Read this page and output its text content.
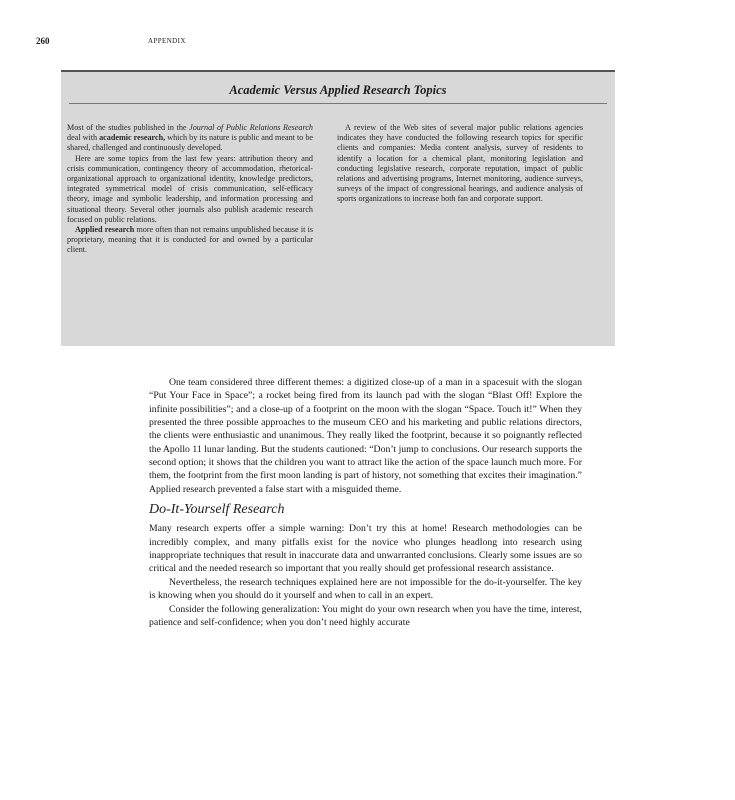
260	APPENDIX
Academic Versus Applied Research Topics

Most of the studies published in the Journal of Public Relations Research deal with academic research, which by its nature is public and meant to be shared, challenged and continuously developed.

Here are some topics from the last few years: attribution theory and crisis communication, contingency theory of accommodation, rhetorical-organizational approach to organizational identity, knowledge predictors, integrated symmetrical model of crisis communication, self-efficacy theory, image and symbolic leadership, and information processing and situational theory. Several other journals also publish academic research focused on public relations.

Applied research more often than not remains unpublished because it is proprietary, meaning that it is conducted for and owned by a particular client.

A review of the Web sites of several major public relations agencies indicates they have conducted the following research topics for specific clients and companies: Media content analysis, survey of residents to identify a location for a chemical plant, monitoring legislation and conducting legislative research, corporate reputation, impact of public relations and advertising programs, Internet monitoring, audience surveys, surveys of the impact of congressional hearings, and audience analysis of sports organizations to increase both fan and corporate support.

One team considered three different themes: a digitized close-up of a man in a spacesuit with the slogan “Put Your Face in Space”; a rocket being fired from its launch pad with the slogan “Blast Off! Explore the infinite possibilities”; and a close-up of a footprint on the moon with the slogan “Space. Touch it!” When they presented the three possible approaches to the museum CEO and his marketing and public relations directors, the clients were enthusiastic and unanimous. They really liked the footprint, because it so poignantly reflected the Apollo 11 lunar landing. But the students cautioned: “Don’t jump to conclusions. Our research supports the second option; it shows that the children you want to attract like the action of the space launch much more. For them, the footprint from the first moon landing is part of history, not something that excites their imagination.” Applied research prevented a false start with a misguided theme.

Do-It-Yourself Research

Many research experts offer a simple warning: Don’t try this at home! Research methodologies can be incredibly complex, and many pitfalls exist for the novice who plunges headlong into research using inappropriate techniques that result in inaccurate data and unwarranted conclusions. Clearly some issues are so critical and the needed research so important that you really should get professional research assistance.

Nevertheless, the research techniques explained here are not impossible for the do-it-yourselfer. The key is knowing when you should do it yourself and when to call in an expert.

Consider the following generalization: You might do your own research when you have the time, interest, patience and self-confidence; when you don’t need highly accurate
